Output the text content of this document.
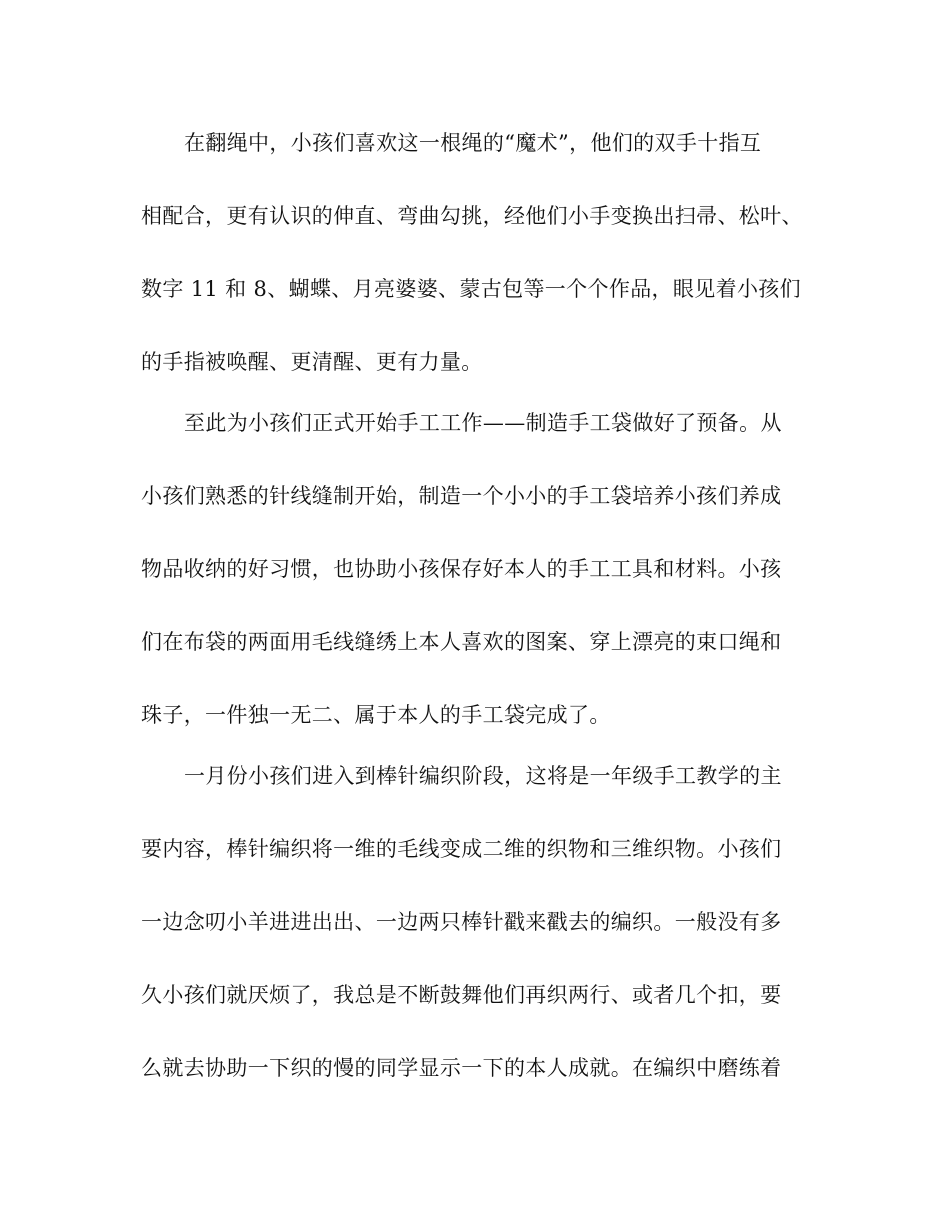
在翻绳中，小孩们喜欢这一根绳的“魔术”，他们的双手十指互
相配合，更有认识的伸直、弯曲勾挑，经他们小手变换出扫帚、松叶、
数字 11 和 8、蝴蝶、月亮婆婆、蒙古包等一个个作品，眼见着小孩们
的手指被唤醒、更清醒、更有力量。
至此为小孩们正式开始手工工作——制造手工袋做好了预备。从
小孩们熟悉的针线缝制开始，制造一个小小的手工袋培养小孩们养成
物品收纳的好习惯，也协助小孩保存好本人的手工工具和材料。小孩
们在布袋的两面用毛线缝绣上本人喜欢的图案、穿上漂亮的束口绳和
珠子，一件独一无二、属于本人的手工袋完成了。
一月份小孩们进入到棒针编织阶段，这将是一年级手工教学的主
要内容，棒针编织将一维的毛线变成二维的织物和三维织物。小孩们
一边念叨小羊进进出出、一边两只棒针戳来戳去的编织。一般没有多
久小孩们就厌烦了，我总是不断鼓舞他们再织两行、或者几个扣，要
么就去协助一下织的慢的同学显示一下的本人成就。在编织中磨练着
